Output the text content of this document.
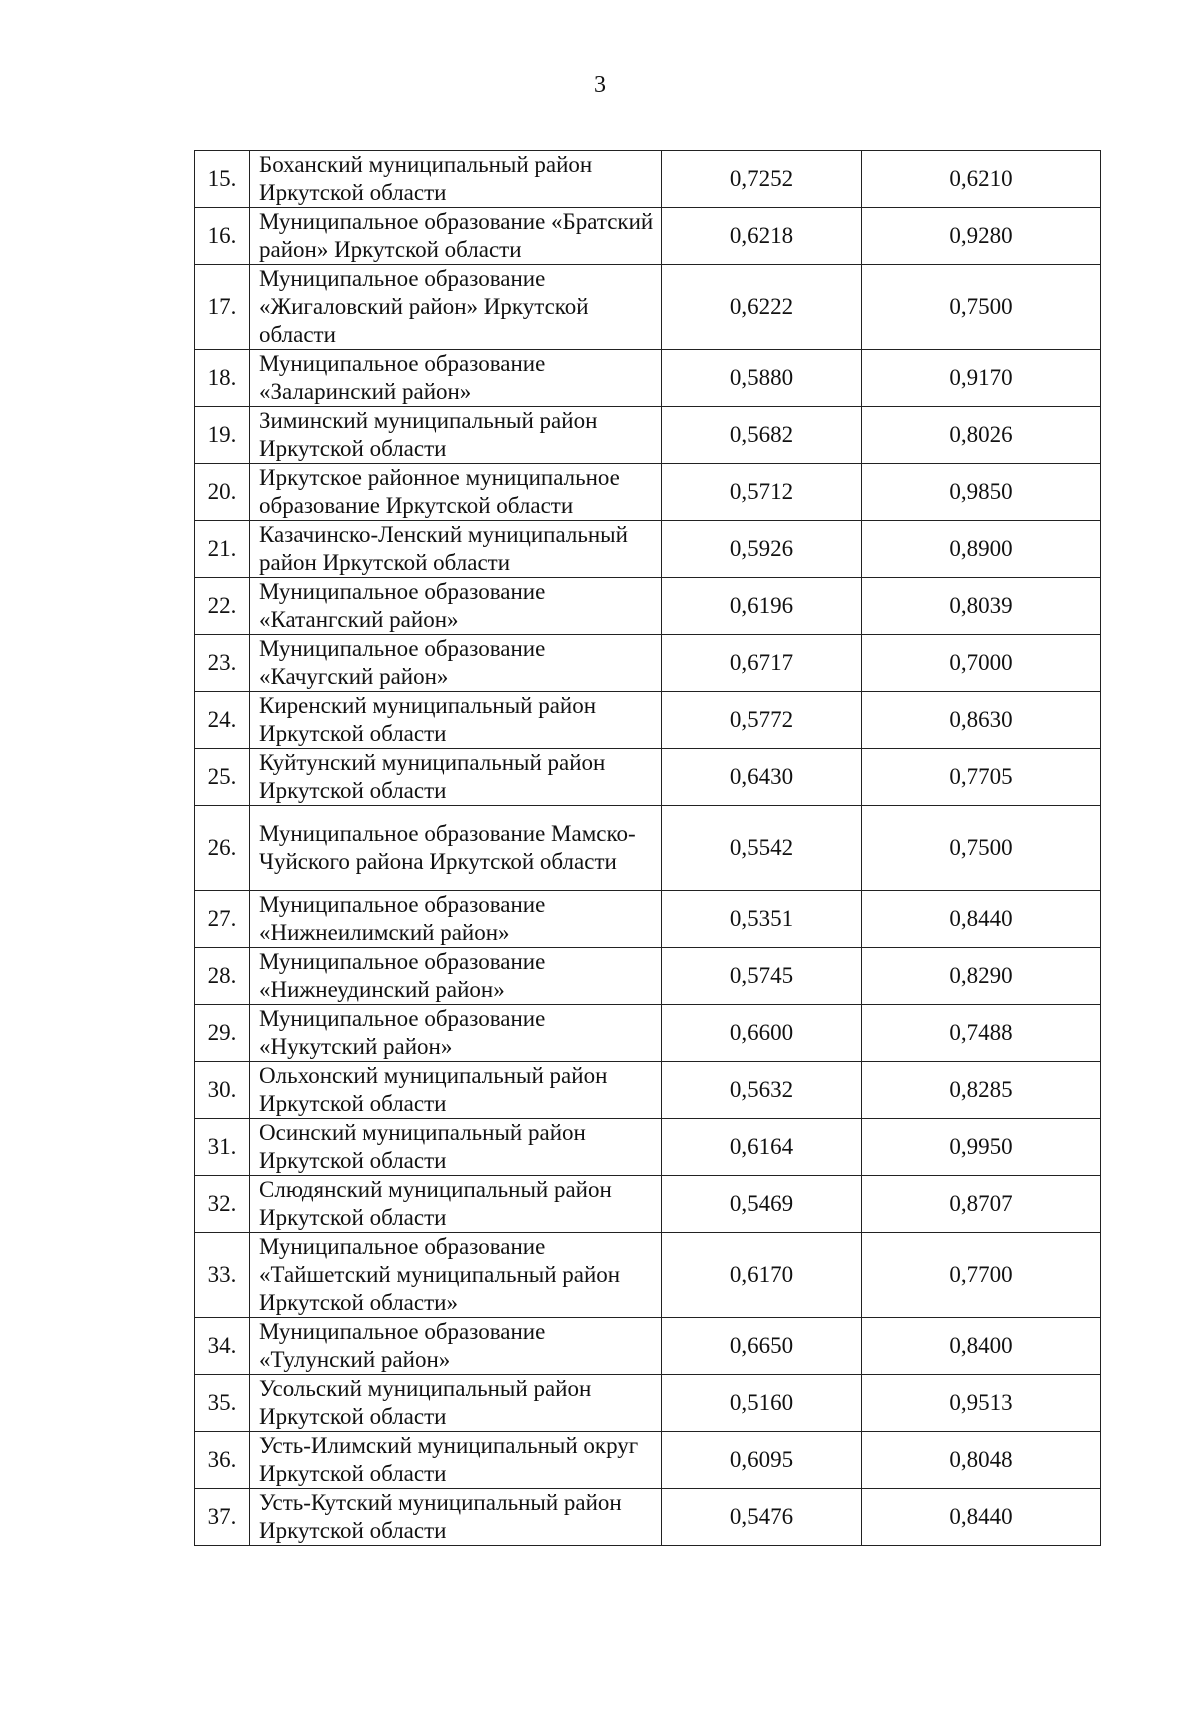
3
15.	Боханский муниципальный район Иркутской области	0,7252	0,6210
16.	Муниципальное образование «Братский район» Иркутской области	0,6218	0,9280
17.	Муниципальное образование «Жигаловский район» Иркутской области	0,6222	0,7500
18.	Муниципальное образование «Заларинский район»	0,5880	0,9170
19.	Зиминский муниципальный район Иркутской области	0,5682	0,8026
20.	Иркутское районное муниципальное образование Иркутской области	0,5712	0,9850
21.	Казачинско-Ленский муниципальный район Иркутской области	0,5926	0,8900
22.	Муниципальное образование «Катангский район»	0,6196	0,8039
23.	Муниципальное образование «Качугский район»	0,6717	0,7000
24.	Киренский муниципальный район Иркутской области	0,5772	0,8630
25.	Куйтунский муниципальный район Иркутской области	0,6430	0,7705
26.	Муниципальное образование Мамско-Чуйского района Иркутской области	0,5542	0,7500
27.	Муниципальное образование «Нижнеилимский район»	0,5351	0,8440
28.	Муниципальное образование «Нижнеудинский район»	0,5745	0,8290
29.	Муниципальное образование «Нукутский район»	0,6600	0,7488
30.	Ольхонский муниципальный район Иркутской области	0,5632	0,8285
31.	Осинский муниципальный район Иркутской области	0,6164	0,9950
32.	Слюдянский муниципальный район Иркутской области	0,5469	0,8707
33.	Муниципальное образование «Тайшетский муниципальный район Иркутской области»	0,6170	0,7700
34.	Муниципальное образование «Тулунский район»	0,6650	0,8400
35.	Усольский муниципальный район Иркутской области	0,5160	0,9513
36.	Усть-Илимский муниципальный округ Иркутской области	0,6095	0,8048
37.	Усть-Кутский муниципальный район Иркутской области	0,5476	0,8440
